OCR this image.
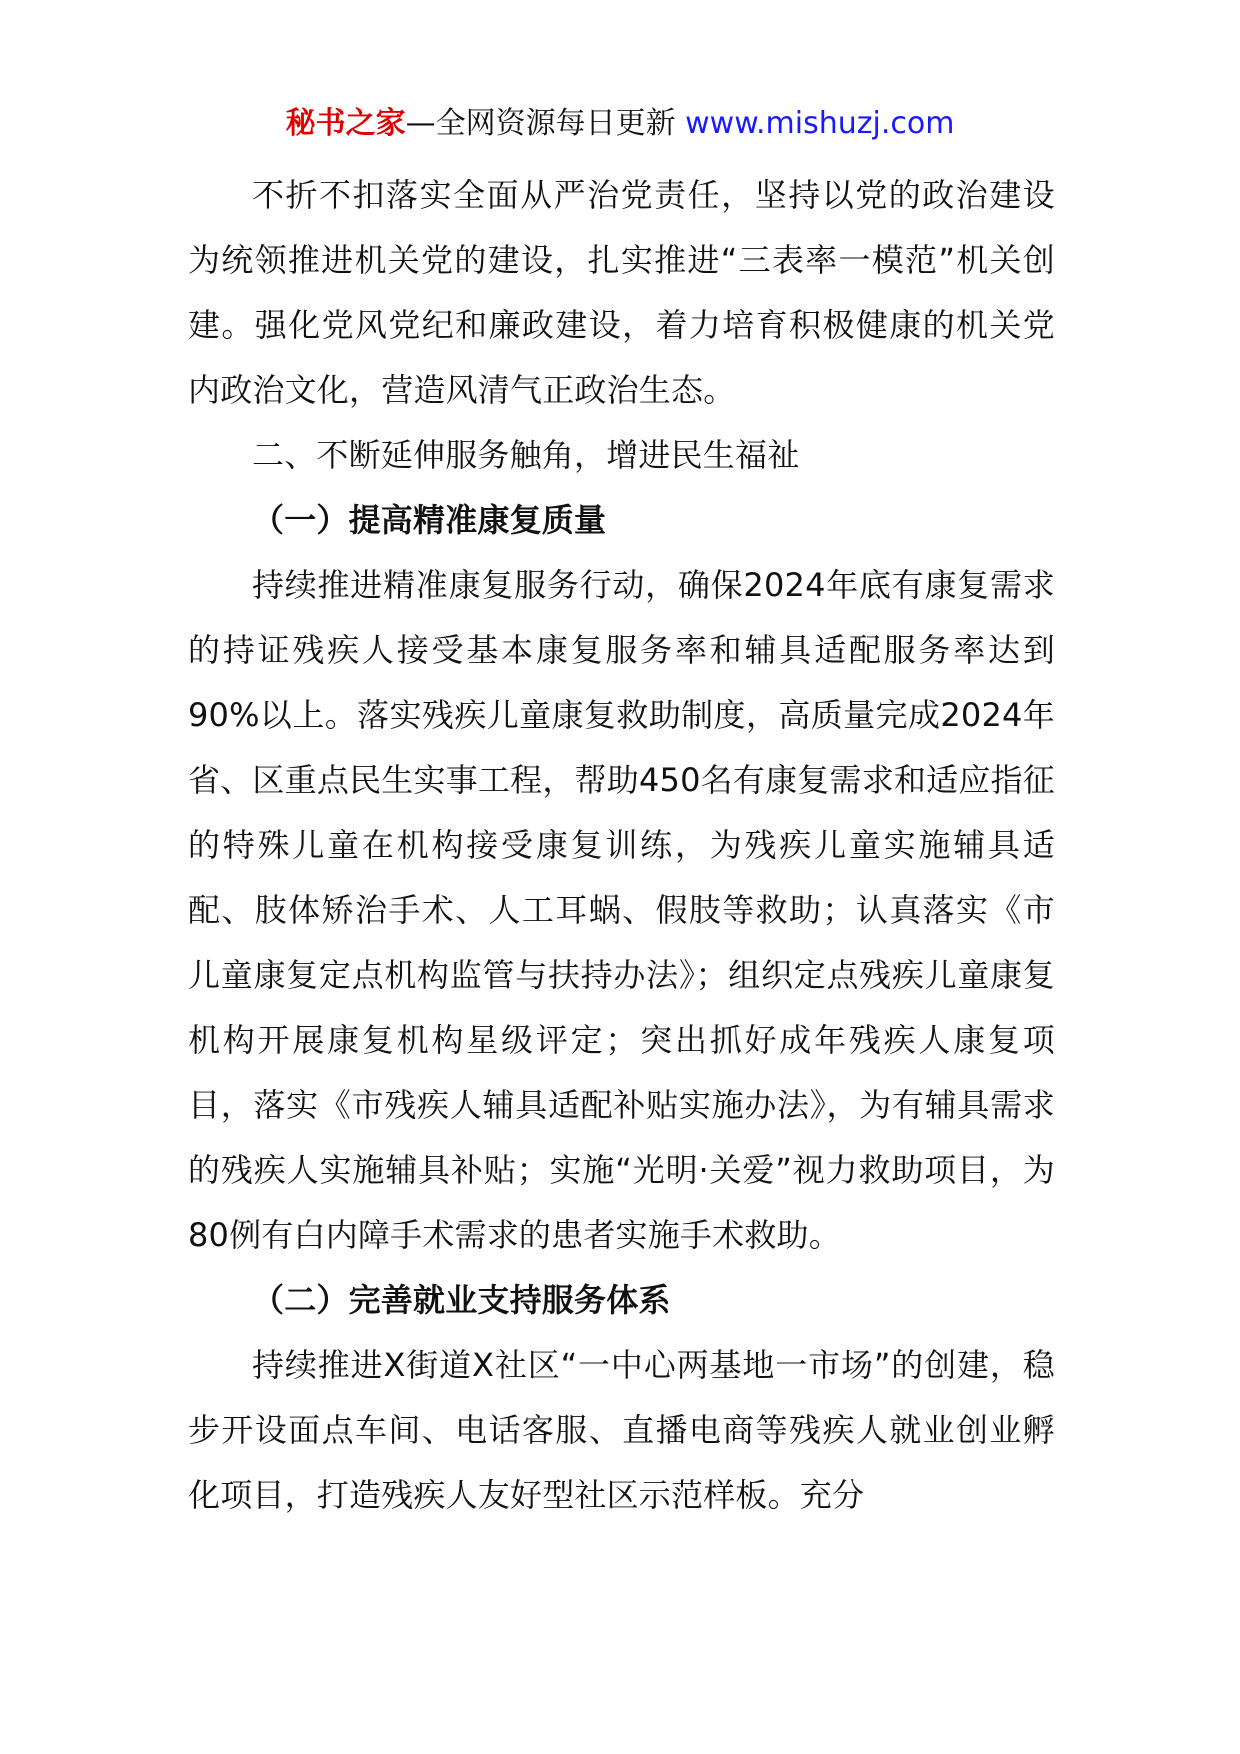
秘书之家—全网资源每日更新 www.mishuzj.com

不折不扣落实全面从严治党责任，坚持以党的政治建设为统领推进机关党的建设，扎实推进“三表率一模范”机关创建。强化党风党纪和廉政建设，着力培育积极健康的机关党内政治文化，营造风清气正政治生态。

二、不断延伸服务触角，增进民生福祉

（一）提高精准康复质量

持续推进精准康复服务行动，确保2024年底有康复需求的持证残疾人接受基本康复服务率和辅具适配服务率达到90%以上。落实残疾儿童康复救助制度，高质量完成2024年省、区重点民生实事工程，帮助450名有康复需求和适应指征的特殊儿童在机构接受康复训练，为残疾儿童实施辅具适配、肢体矫治手术、人工耳蜗、假肢等救助；认真落实《市儿童康复定点机构监管与扶持办法》；组织定点残疾儿童康复机构开展康复机构星级评定；突出抓好成年残疾人康复项目，落实《市残疾人辅具适配补贴实施办法》，为有辅具需求的残疾人实施辅具补贴；实施“光明·关爱”视力救助项目，为80例有白内障手术需求的患者实施手术救助。

（二）完善就业支持服务体系

持续推进X街道X社区“一中心两基地一市场”的创建，稳步开设面点车间、电话客服、直播电商等残疾人就业创业孵化项目，打造残疾人友好型社区示范样板。充分
